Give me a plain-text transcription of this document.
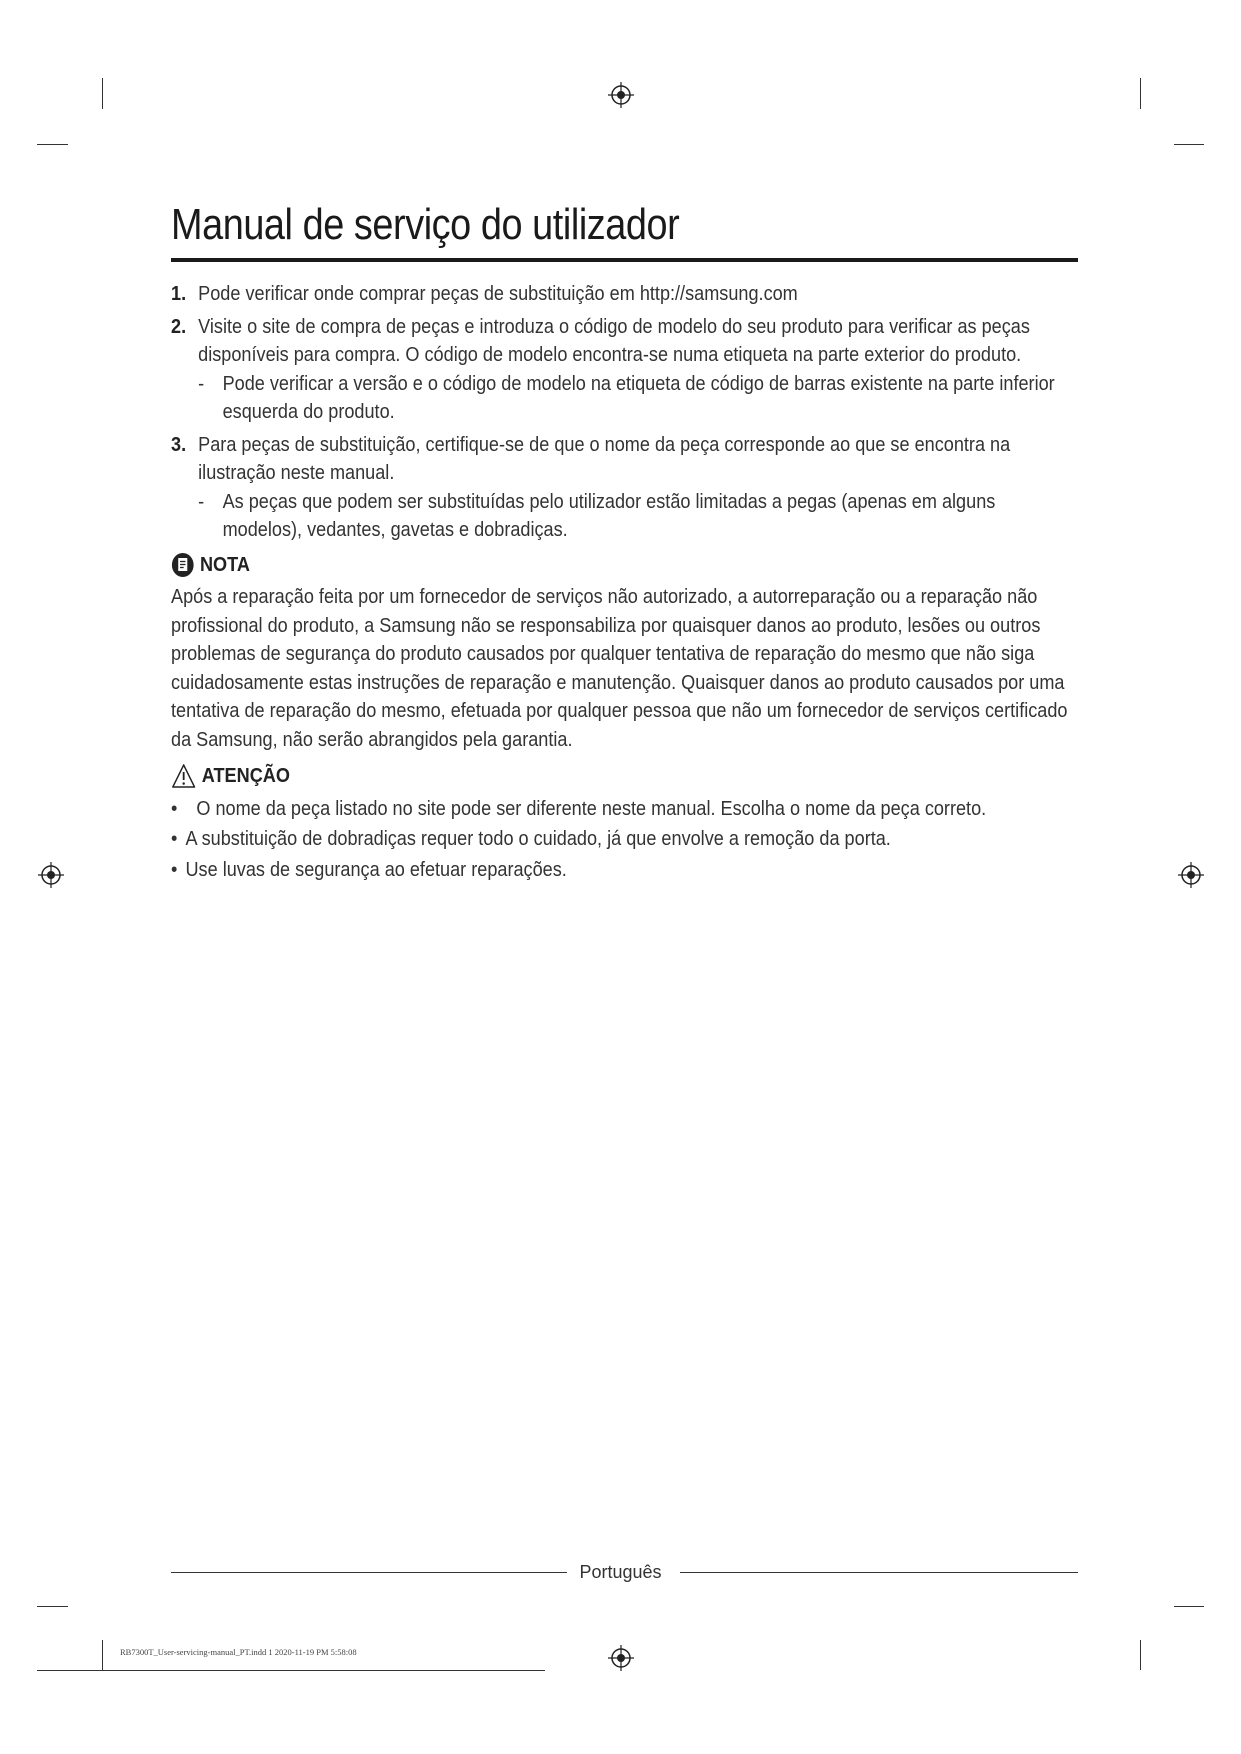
Manual de serviço do utilizador

1. Pode verificar onde comprar peças de substituição em http://samsung.com

2. Visite o site de compra de peças e introduza o código de modelo do seu produto para verificar as peças disponíveis para compra. O código de modelo encontra-se numa etiqueta na parte exterior do produto.

- Pode verificar a versão e o código de modelo na etiqueta de código de barras existente na parte inferior esquerda do produto.

3. Para peças de substituição, certifique-se de que o nome da peça corresponde ao que se encontra na ilustração neste manual.

- As peças que podem ser substituídas pelo utilizador estão limitadas a pegas (apenas em alguns modelos), vedantes, gavetas e dobradiças.

NOTA

Após a reparação feita por um fornecedor de serviços não autorizado, a autorreparação ou a reparação não profissional do produto, a Samsung não se responsabiliza por quaisquer danos ao produto, lesões ou outros problemas de segurança do produto causados por qualquer tentativa de reparação do mesmo que não siga cuidadosamente estas instruções de reparação e manutenção. Quaisquer danos ao produto causados por uma tentativa de reparação do mesmo, efetuada por qualquer pessoa que não um fornecedor de serviços certificado da Samsung, não serão abrangidos pela garantia.

ATENÇÃO

• O nome da peça listado no site pode ser diferente neste manual. Escolha o nome da peça correto.

• A substituição de dobradiças requer todo o cuidado, já que envolve a remoção da porta.

• Use luvas de segurança ao efetuar reparações.

Português
RB7300T_User-servicing-manual_PT.indd 1 2020-11-19 PM 5:58:08
